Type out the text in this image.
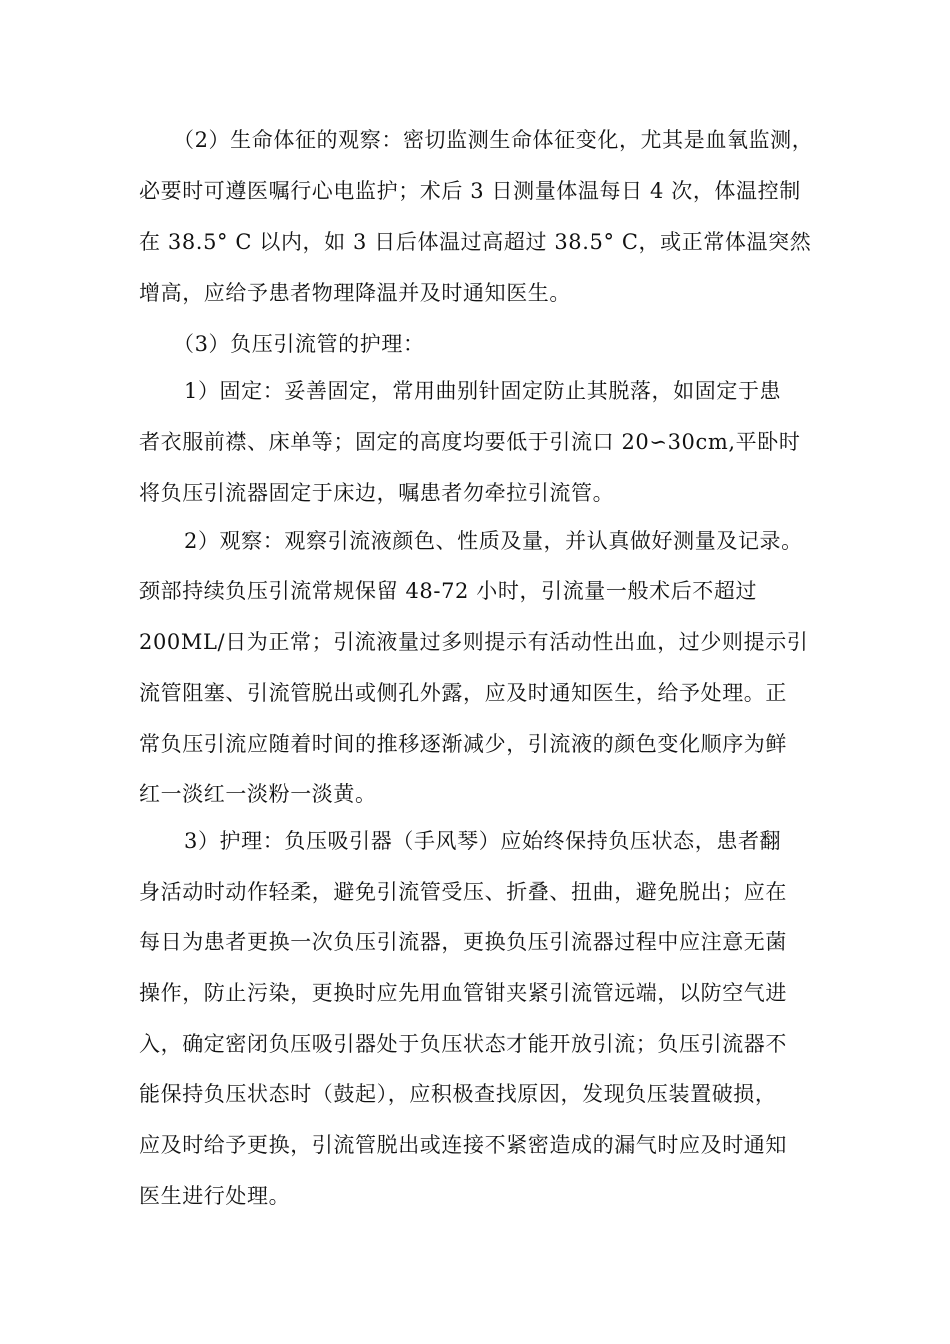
（2）生命体征的观察：密切监测生命体征变化，尤其是血氧监测，
必要时可遵医嘱行心电监护；术后 3 日测量体温每日 4 次，体温控制
在 38.5° C 以内，如 3 日后体温过高超过 38.5° C，或正常体温突然
增高，应给予患者物理降温并及时通知医生。
（3）负压引流管的护理：
1）固定：妥善固定，常用曲别针固定防止其脱落，如固定于患
者衣服前襟、床单等；固定的高度均要低于引流口 20∽30cm,平卧时
将负压引流器固定于床边，嘱患者勿牵拉引流管。
2）观察：观察引流液颜色、性质及量，并认真做好测量及记录。
颈部持续负压引流常规保留 48-72 小时，引流量一般术后不超过
200ML/日为正常；引流液量过多则提示有活动性出血，过少则提示引
流管阻塞、引流管脱出或侧孔外露，应及时通知医生，给予处理。正
常负压引流应随着时间的推移逐渐减少，引流液的颜色变化顺序为鲜
红一淡红一淡粉一淡黄。
3）护理：负压吸引器（手风琴）应始终保持负压状态，患者翻
身活动时动作轻柔，避免引流管受压、折叠、扭曲，避免脱出；应在
每日为患者更换一次负压引流器，更换负压引流器过程中应注意无菌
操作，防止污染，更换时应先用血管钳夹紧引流管远端，以防空气进
入，确定密闭负压吸引器处于负压状态才能开放引流；负压引流器不
能保持负压状态时（鼓起），应积极查找原因，发现负压装置破损，
应及时给予更换，引流管脱出或连接不紧密造成的漏气时应及时通知
医生进行处理。
